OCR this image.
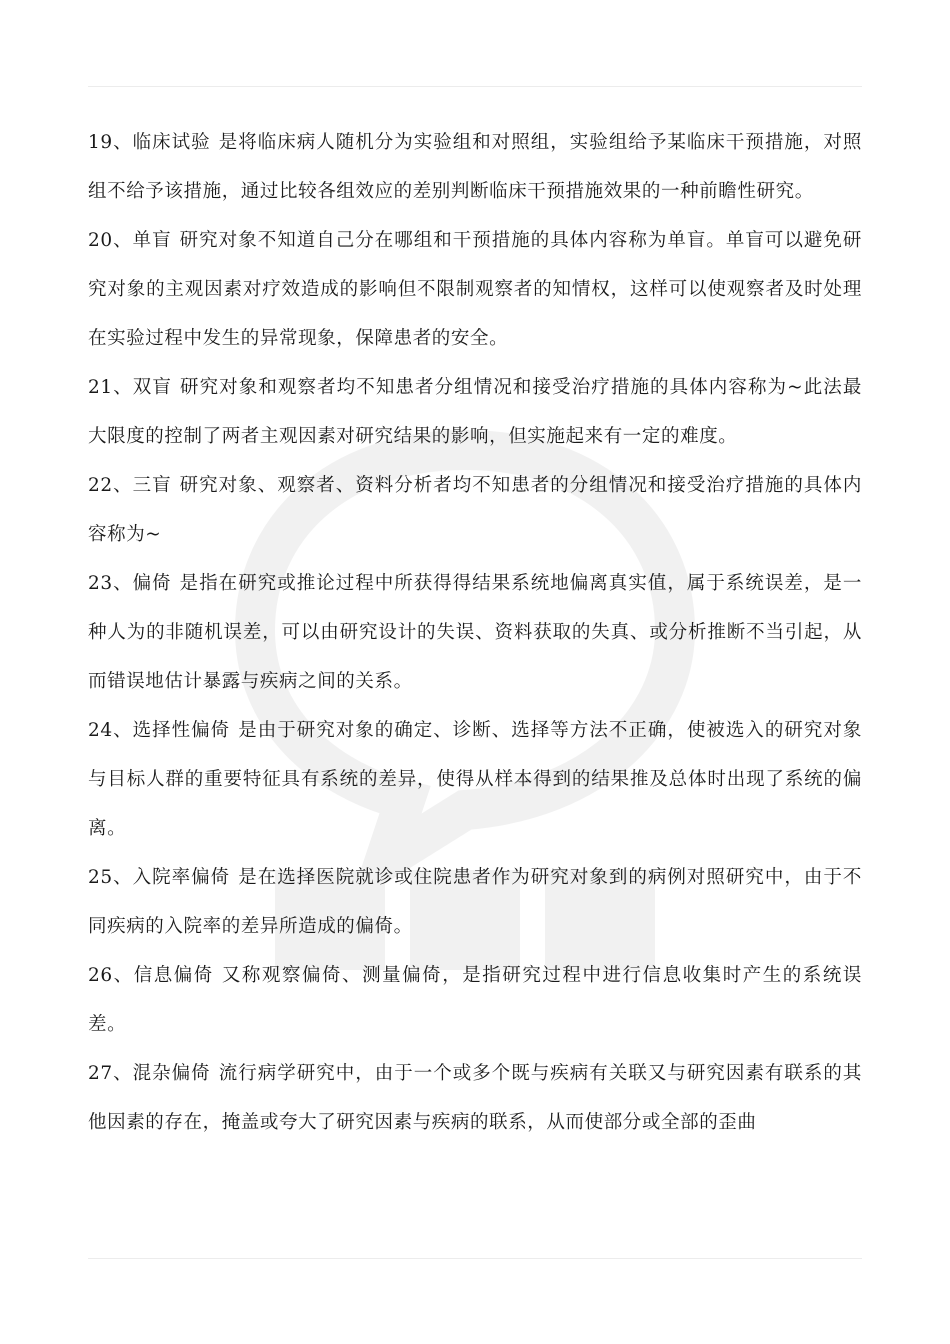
19、临床试验 是将临床病人随机分为实验组和对照组，实验组给予某临床干预措施，对照组不给予该措施，通过比较各组效应的差别判断临床干预措施效果的一种前瞻性研究。

20、单盲 研究对象不知道自己分在哪组和干预措施的具体内容称为单盲。单盲可以避免研究对象的主观因素对疗效造成的影响但不限制观察者的知情权，这样可以使观察者及时处理在实验过程中发生的异常现象，保障患者的安全。

21、双盲 研究对象和观察者均不知患者分组情况和接受治疗措施的具体内容称为~此法最大限度的控制了两者主观因素对研究结果的影响，但实施起来有一定的难度。

22、三盲 研究对象、观察者、资料分析者均不知患者的分组情况和接受治疗措施的具体内容称为~

23、偏倚 是指在研究或推论过程中所获得得结果系统地偏离真实值，属于系统误差，是一种人为的非随机误差，可以由研究设计的失误、资料获取的失真、或分析推断不当引起，从而错误地估计暴露与疾病之间的关系。

24、选择性偏倚 是由于研究对象的确定、诊断、选择等方法不正确，使被选入的研究对象与目标人群的重要特征具有系统的差异，使得从样本得到的结果推及总体时出现了系统的偏离。

25、入院率偏倚 是在选择医院就诊或住院患者作为研究对象到的病例对照研究中，由于不同疾病的入院率的差异所造成的偏倚。

26、信息偏倚 又称观察偏倚、测量偏倚，是指研究过程中进行信息收集时产生的系统误差。

27、混杂偏倚 流行病学研究中，由于一个或多个既与疾病有关联又与研究因素有联系的其他因素的存在，掩盖或夸大了研究因素与疾病的联系，从而使部分或全部的歪曲
